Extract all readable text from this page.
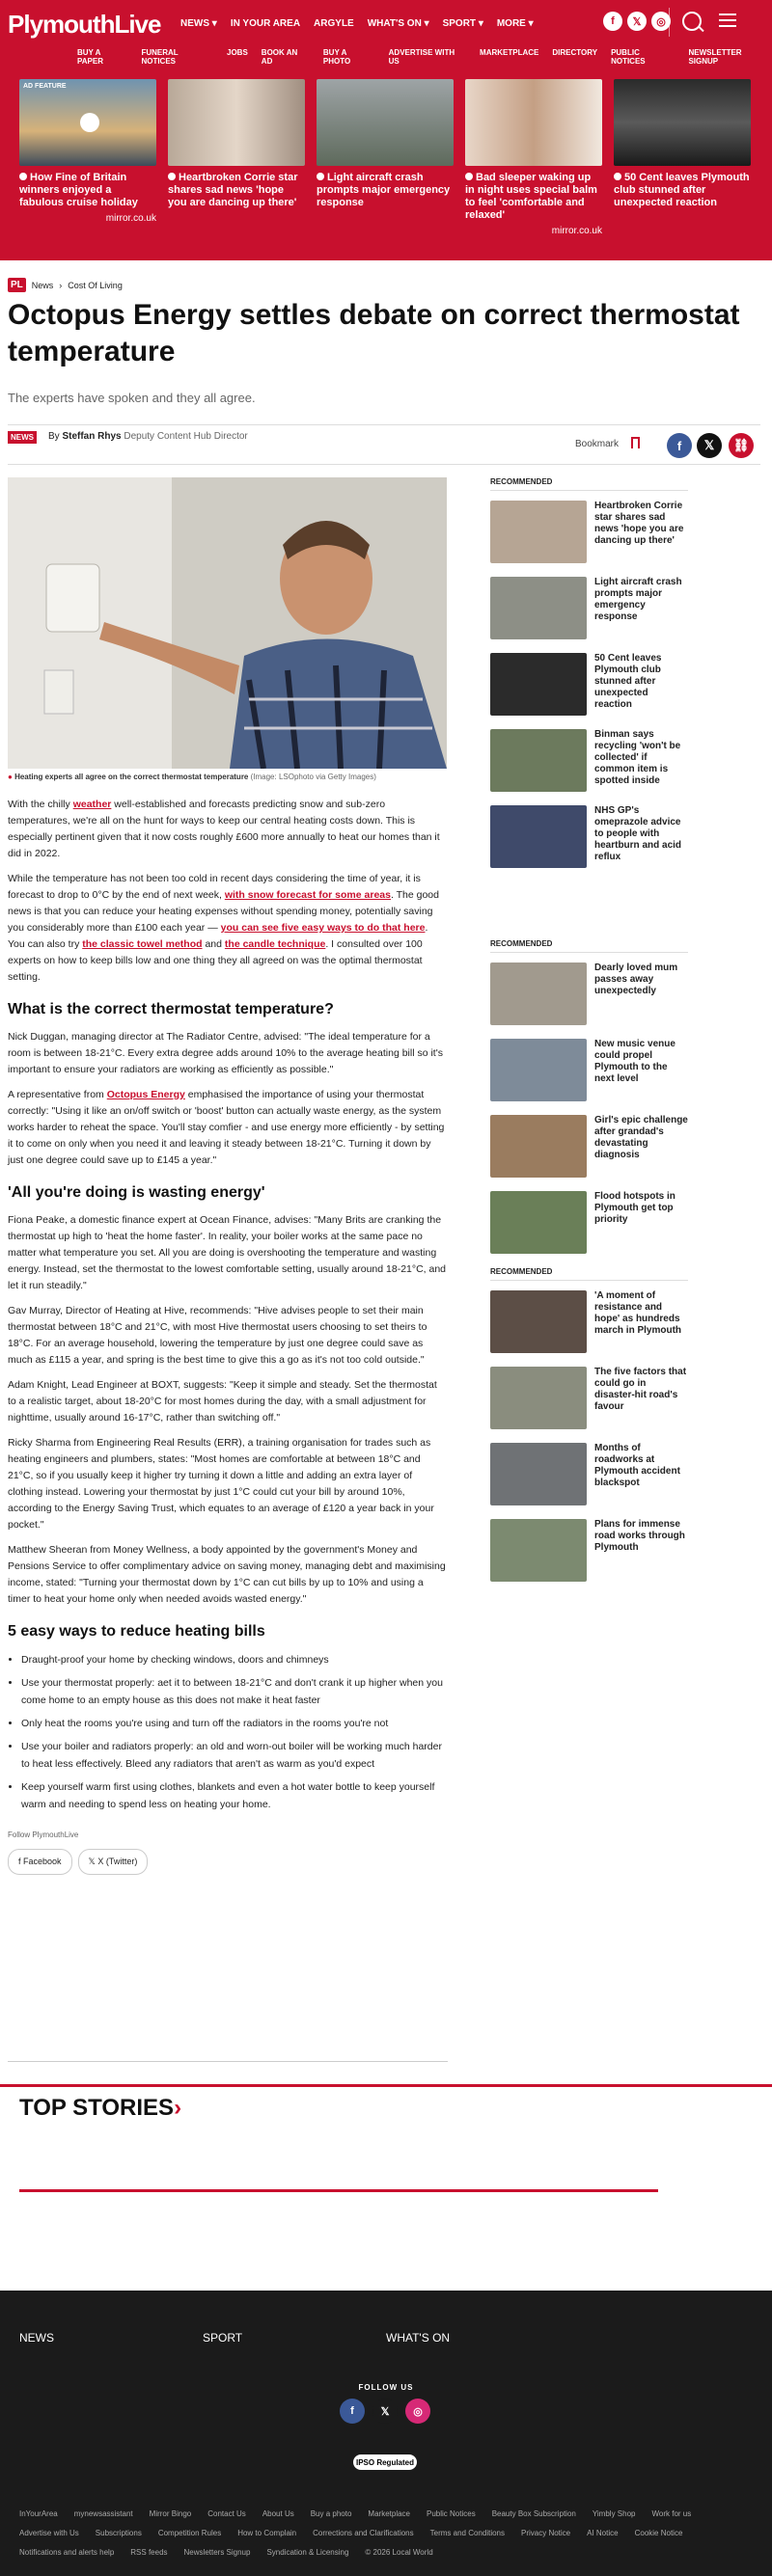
PlymouthLive NEWS ▾ IN YOUR AREA ARGYLE WHAT'S ON ▾ SPORT ▾ MORE ▾	f	𝕏	◎
BUY A PAPER
FUNERAL NOTICES
JOBS BOOK AN AD
BUY A PHOTO
ADVERTISE WITH US
MARKETPLACE DIRECTORY PUBLIC NOTICES
NEWSLETTER SIGNUP
AD FEATURE
How Fine of Britain winners enjoyed a fabulous cruise holiday
mirror.co.uk
Heartbroken Corrie star shares sad news 'hope you are dancing up there'
Light aircraft crash prompts major emergency response
Bad sleeper waking up in night uses special balm to feel 'comfortable and relaxed'
mirror.co.uk
50 Cent leaves Plymouth club stunned after unexpected reaction
PL	News › Cost Of Living
Octopus Energy settles debate on correct thermostat temperature
The experts have spoken and they all agree.
NEWS	By Steffan Rhys Deputy Content Hub Director
Bookmark	f	𝕏	⛓
● Heating experts all agree on the correct thermostat temperature (Image: LSOphoto via Getty Images)

With the chilly weather well-established and forecasts predicting snow and sub-zero temperatures, we're all on the hunt for ways to keep our central heating costs down. This is especially pertinent given that it now costs roughly £600 more annually to heat our homes than it did in 2022.

While the temperature has not been too cold in recent days considering the time of year, it is forecast to drop to 0°C by the end of next week, with snow forecast for some areas. The good news is that you can reduce your heating expenses without spending money, potentially saving you considerably more than £100 each year — you can see five easy ways to do that here. You can also try the classic towel method and the candle technique. I consulted over 100 experts on how to keep bills low and one thing they all agreed on was the optimal thermostat setting.

What is the correct thermostat temperature?

Nick Duggan, managing director at The Radiator Centre, advised: "The ideal temperature for a room is between 18-21°C. Every extra degree adds around 10% to the average heating bill so it's important to ensure your radiators are working as efficiently as possible."

A representative from Octopus Energy emphasised the importance of using your thermostat correctly: "Using it like an on/off switch or 'boost' button can actually waste energy, as the system works harder to reheat the space. You'll stay comfier - and use energy more efficiently - by setting it to come on only when you need it and leaving it steady between 18-21°C. Turning it down by just one degree could save up to £145 a year."

'All you're doing is wasting energy'

Fiona Peake, a domestic finance expert at Ocean Finance, advises: "Many Brits are cranking the thermostat up high to 'heat the home faster'. In reality, your boiler works at the same pace no matter what temperature you set. All you are doing is overshooting the temperature and wasting energy. Instead, set the thermostat to the lowest comfortable setting, usually around 18-21°C, and let it run steadily."

Gav Murray, Director of Heating at Hive, recommends: "Hive advises people to set their main thermostat between 18°C and 21°C, with most Hive thermostat users choosing to set theirs to 18°C. For an average household, lowering the temperature by just one degree could save as much as £115 a year, and spring is the best time to give this a go as it's not too cold outside."

Adam Knight, Lead Engineer at BOXT, suggests: "Keep it simple and steady. Set the thermostat to a realistic target, about 18-20°C for most homes during the day, with a small adjustment for nighttime, usually around 16-17°C, rather than switching off."

Ricky Sharma from Engineering Real Results (ERR), a training organisation for trades such as heating engineers and plumbers, states: "Most homes are comfortable at between 18°C and 21°C, so if you usually keep it higher try turning it down a little and adding an extra layer of clothing instead. Lowering your thermostat by just 1°C could cut your bill by around 10%, according to the Energy Saving Trust, which equates to an average of £120 a year back in your pocket."

Matthew Sheeran from Money Wellness, a body appointed by the government's Money and Pensions Service to offer complimentary advice on saving money, managing debt and maximising income, stated: "Turning your thermostat down by 1°C can cut bills by up to 10% and using a timer to heat your home only when needed avoids wasted energy."

5 easy ways to reduce heating bills
• Draught-proof your home by checking windows, doors and chimneys
• Use your thermostat properly: aet it to between 18-21°C and don't crank it up higher when you come home to an empty house as this does not make it heat faster
• Only heat the rooms you're using and turn off the radiators in the rooms you're not
• Use your boiler and radiators properly: an old and worn-out boiler will be working much harder to heat less effectively. Bleed any radiators that aren't as warm as you'd expect
• Keep yourself warm first using clothes, blankets and even a hot water bottle to keep yourself warm and needing to spend less on heating your home.
Follow PlymouthLive
f Facebook	𝕏 X (Twitter)
RECOMMENDED
Heartbroken Corrie star shares sad news 'hope you are dancing up there'
Light aircraft crash prompts major emergency response
50 Cent leaves Plymouth club stunned after unexpected reaction
Binman says recycling 'won't be collected' if common item is spotted inside
NHS GP's omeprazole advice to people with heartburn and acid reflux
RECOMMENDED
Dearly loved mum passes away unexpectedly
New music venue could propel Plymouth to the next level
Girl's epic challenge after grandad's devastating diagnosis
Flood hotspots in Plymouth get top priority
RECOMMENDED
'A moment of resistance and hope' as hundreds march in Plymouth
The five factors that could go in disaster-hit road's favour
Months of roadworks at Plymouth accident blackspot
Plans for immense road works through Plymouth
TOP STORIES›
NEWS	SPORT	WHAT'S ON
FOLLOW US
f	𝕏	◎
IPSO Regulated
InYourArea mynewsassistant Mirror Bingo Contact Us About Us Buy a photo Marketplace Public Notices Beauty Box Subscription Yimbly Shop Work for us
Advertise with Us Subscriptions Competition Rules How to Complain Corrections and Clarifications Terms and Conditions Privacy Notice AI Notice Cookie Notice
Notifications and alerts help RSS feeds Newsletters Signup Syndication & Licensing © 2026 Local World
